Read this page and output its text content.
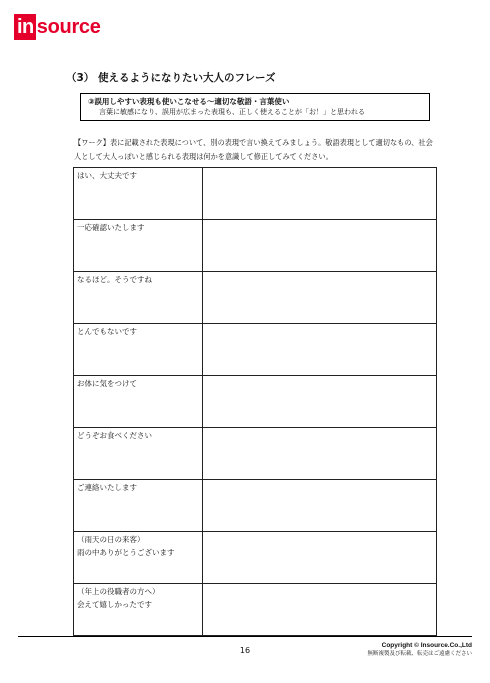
in source
（3） 使えるようになりたい大人のフレーズ
③誤用しやすい表現も使いこなせる～適切な敬語・言葉使い
言葉に敏感になり、誤用が広まった表現も、正しく使えることが「お！」と思われる
【ワーク】表に記載された表現について、別の表現で言い換えてみましょう。敬語表現として適切なもの、社会人として大人っぽいと感じられる表現は何かを意識して修正してみてください。
はい、大丈夫です	

一応確認いたします	

なるほど。そうですね	

とんでもないです	

お体に気をつけて	

どうぞお食べください	

ご連絡いたします	

（雨天の日の来客）
雨の中ありがとうございます	

（年上の役職者の方へ）
会えて嬉しかったです	
16
Copyright © Insource.Co.,Ltd
無断複製及び転載、転売はご遠慮ください
